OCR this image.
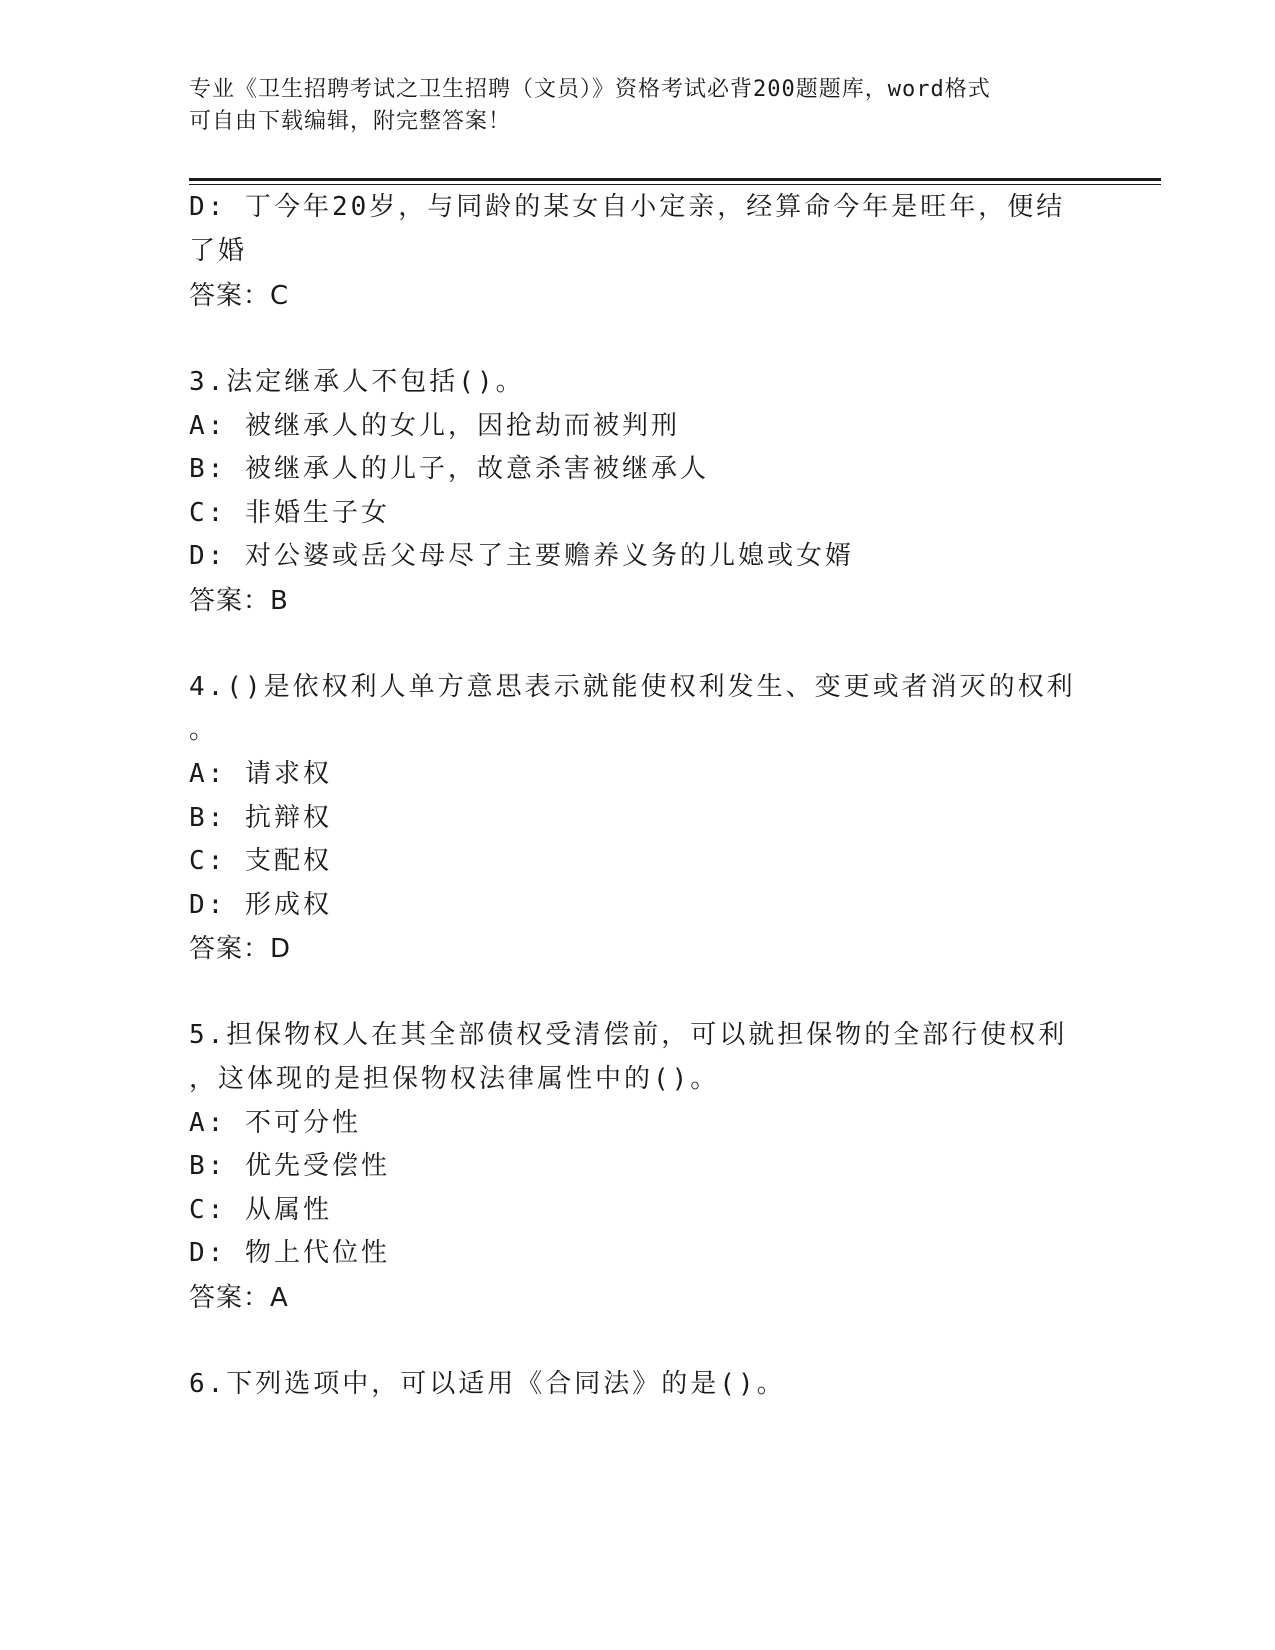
专业《卫生招聘考试之卫生招聘（文员）》资格考试必背200题题库，word格式
可自由下载编辑，附完整答案！
D: 丁今年20岁，与同龄的某女自小定亲，经算命今年是旺年，便结
了婚
答案：C
3.法定继承人不包括()。
A: 被继承人的女儿，因抢劫而被判刑
B: 被继承人的儿子，故意杀害被继承人
C: 非婚生子女
D: 对公婆或岳父母尽了主要赡养义务的儿媳或女婿
答案：B
4.()是依权利人单方意思表示就能使权利发生、变更或者消灭的权利
。
A: 请求权
B: 抗辩权
C: 支配权
D: 形成权
答案：D
5.担保物权人在其全部债权受清偿前，可以就担保物的全部行使权利
，这体现的是担保物权法律属性中的()。
A: 不可分性
B: 优先受偿性
C: 从属性
D: 物上代位性
答案：A
6.下列选项中，可以适用《合同法》的是()。
